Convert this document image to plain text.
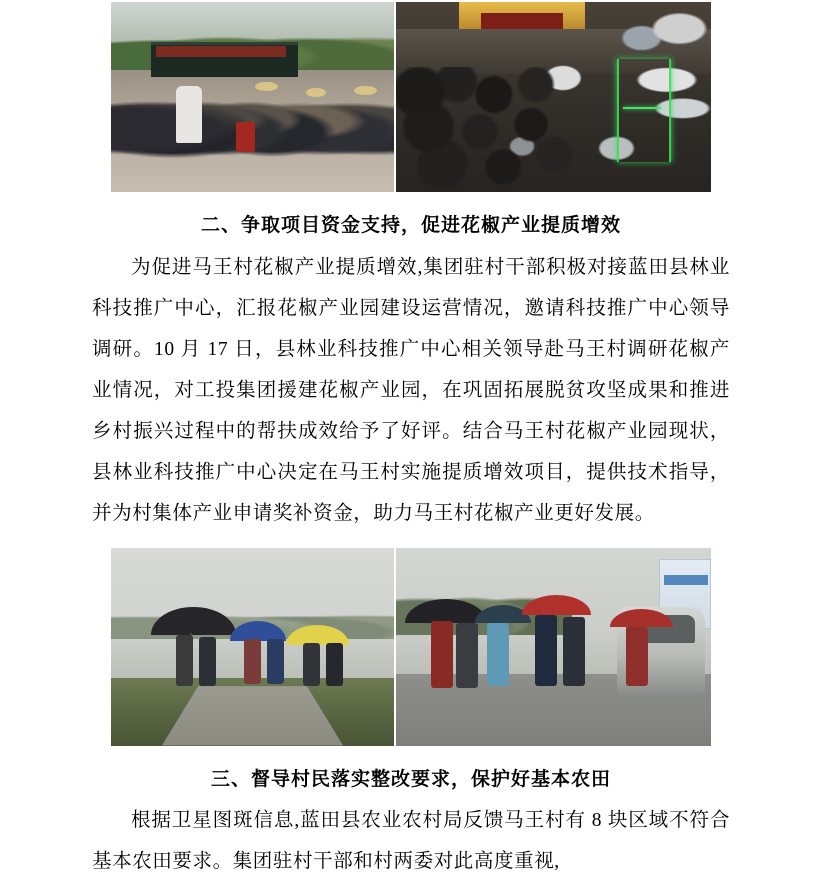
二、争取项目资金支持，促进花椒产业提质增效

为促进马王村花椒产业提质增效,集团驻村干部积极对接蓝田县林业科技推广中心，汇报花椒产业园建设运营情况，邀请科技推广中心领导调研。10 月 17 日，县林业科技推广中心相关领导赴马王村调研花椒产业情况，对工投集团援建花椒产业园，在巩固拓展脱贫攻坚成果和推进乡村振兴过程中的帮扶成效给予了好评。结合马王村花椒产业园现状，县林业科技推广中心决定在马王村实施提质增效项目，提供技术指导，并为村集体产业申请奖补资金，助力马王村花椒产业更好发展。

三、督导村民落实整改要求，保护好基本农田

根据卫星图斑信息,蓝田县农业农村局反馈马王村有 8 块区域不符合基本农田要求。集团驻村干部和村两委对此高度重视,
